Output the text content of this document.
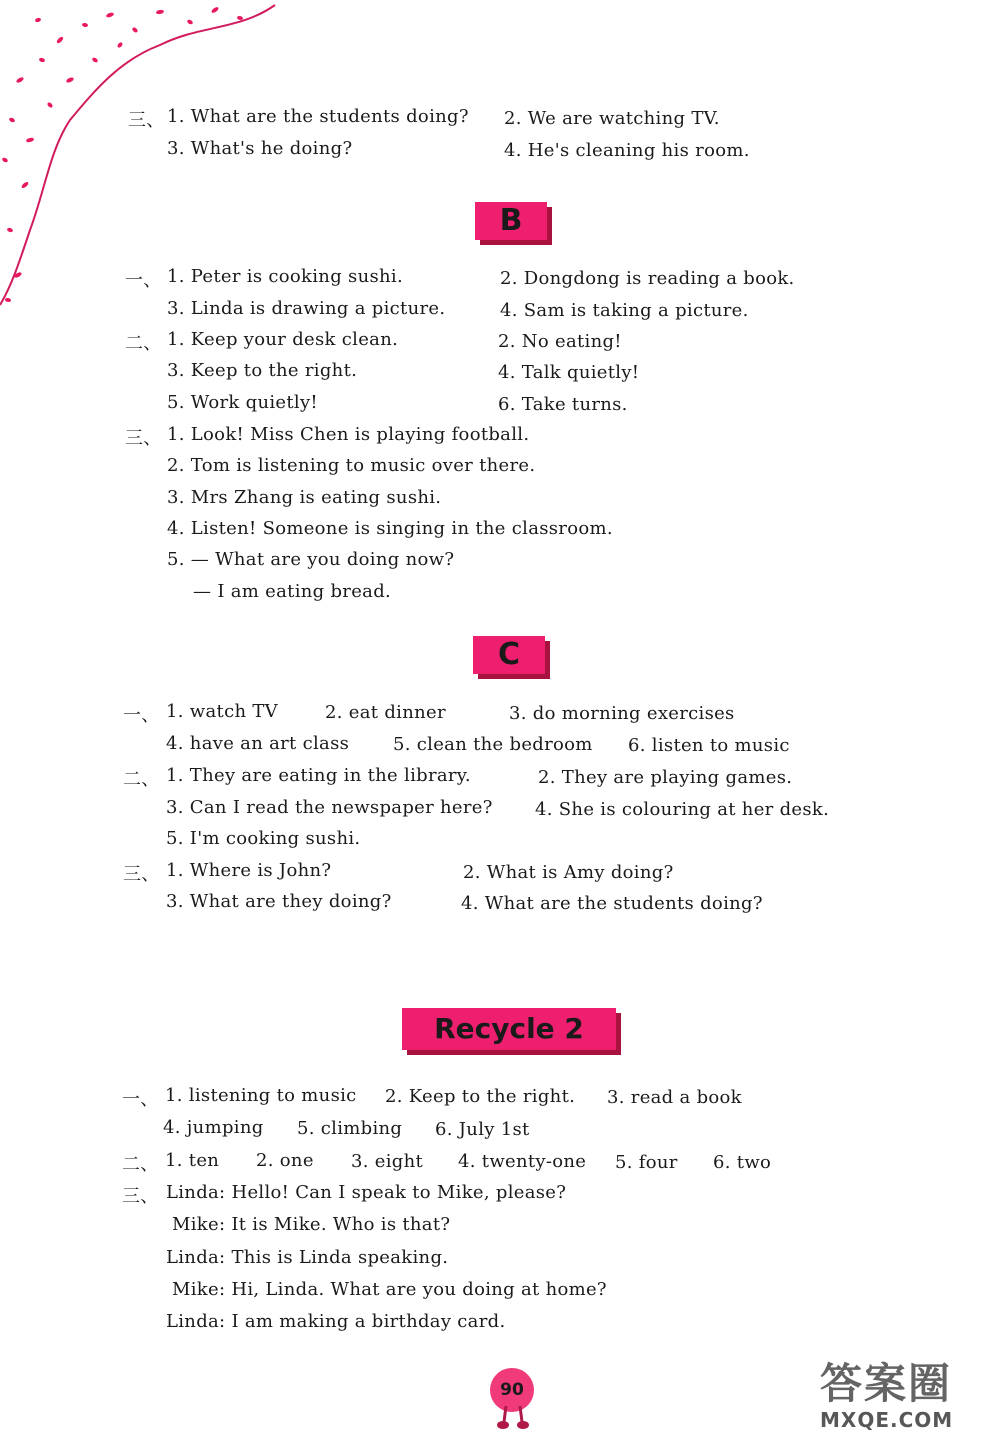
三、 1. What are the students doing? 2. We are watching TV.
3. What's he doing?	4. He's cleaning his room.
B
一、 1. Peter is cooking sushi.	2. Dongdong is reading a book.
3. Linda is drawing a picture.	4. Sam is taking a picture.
二、 1. Keep your desk clean.	2. No eating!
3. Keep to the right.	4. Talk quietly!
5. Work quietly!	6. Take turns.
三、 1. Look! Miss Chen is playing football.
2. Tom is listening to music over there.
3. Mrs Zhang is eating sushi.
4. Listen! Someone is singing in the classroom.
5. — What are you doing now?
— I am eating bread.
C
一、 1. watch TV	2. eat dinner	3. do morning exercises
4. have an art class 5. clean the bedroom 6. listen to music
二、 1. They are eating in the library.	2. They are playing games.
3. Can I read the newspaper here? 4. She is colouring at her desk.
5. I'm cooking sushi.
三、 1. Where is John?	2. What is Amy doing?
3. What are they doing?	4. What are the students doing?
Recycle 2
一、 1. listening to music 2. Keep to the right. 3. read a book
4. jumping 5. climbing 6. July 1st
二、 1. ten 2. one 3. eight 4. twenty-one 5. four 6. two
三、 Linda: Hello! Can I speak to Mike, please?
Mike: It is Mike. Who is that?
Linda: This is Linda speaking.
Mike: Hi, Linda. What are you doing at home?
Linda: I am making a birthday card.
90	答案圈
MXQE.COM
